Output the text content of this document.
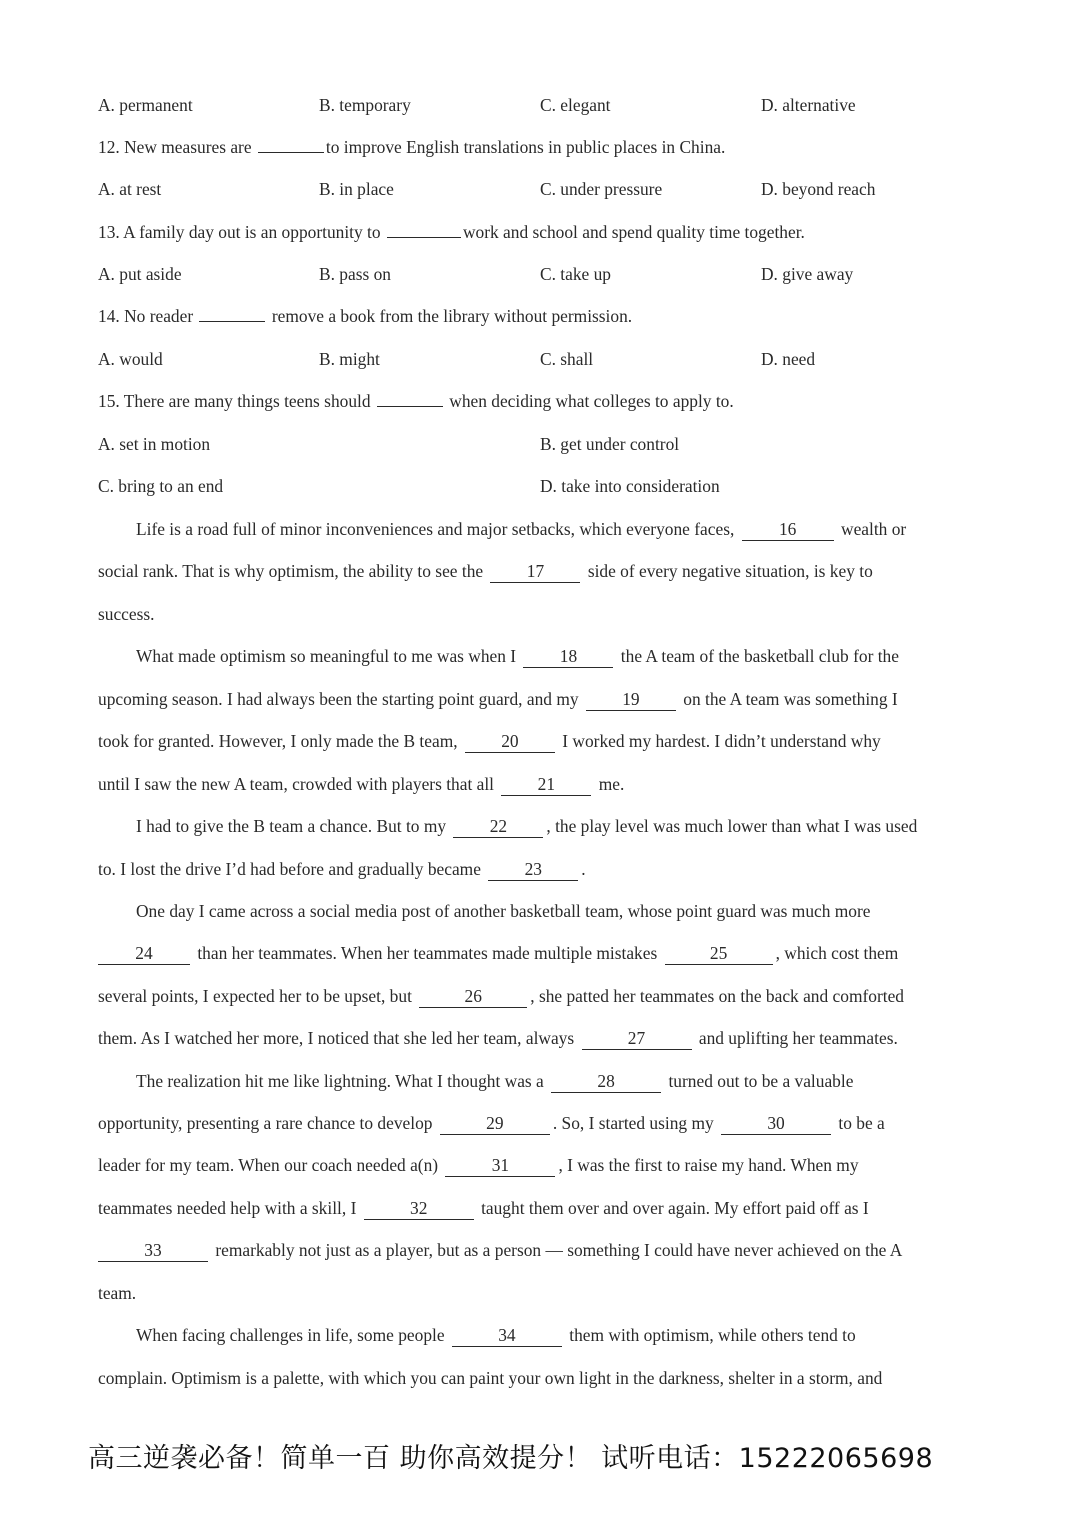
A. permanent	B. temporary	C. elegant	D. alternative
12. New measures are	to improve English translations in public places in China.
A. at rest	B. in place	C. under pressure	D. beyond reach
13. A family day out is an opportunity to	work and school and spend quality time together.
A. put aside	B. pass on	C. take up	D. give away
14. No reader	remove a book from the library without permission.
A. would	B. might	C. shall	D. need
15. There are many things teens should	when deciding what colleges to apply to.
A. set in motion	B. get under control
C. bring to an end	D. take into consideration
Life is a road full of minor inconveniences and major setbacks, which everyone faces, 16 wealth or
social rank. That is why optimism, the ability to see the 17 side of every negative situation, is key to
success.
What made optimism so meaningful to me was when I 18 the A team of the basketball club for the
upcoming season. I had always been the starting point guard, and my 19 on the A team was something I
took for granted. However, I only made the B team, 20 I worked my hardest. I didn’t understand why
until I saw the new A team, crowded with players that all 21 me.
I had to give the B team a chance. But to my 22 , the play level was much lower than what I was used
to. I lost the drive I’d had before and gradually became 23 .
One day I came across a social media post of another basketball team, whose point guard was much more
24 than her teammates. When her teammates made multiple mistakes	25	, which cost them
several points, I expected her to be upset, but	26	, she patted her teammates on the back and comforted
them. As I watched her more, I noticed that she led her team, always	27	and uplifting her teammates.
The realization hit me like lightning. What I thought was a	28	turned out to be a valuable
opportunity, presenting a rare chance to develop	29	. So, I started using my	30	to be a
leader for my team. When our coach needed a(n)	31	, I was the first to raise my hand. When my
teammates needed help with a skill, I	32	taught them over and over again. My effort paid off as I
33	remarkably not just as a player, but as a person — something I could have never achieved on the A
team.
When facing challenges in life, some people	34	them with optimism, while others tend to
complain. Optimism is a palette, with which you can paint your own light in the darkness, shelter in a storm, and
高三逆袭必备！简单一百 助你高效提分！ 试听电话：15222065698
